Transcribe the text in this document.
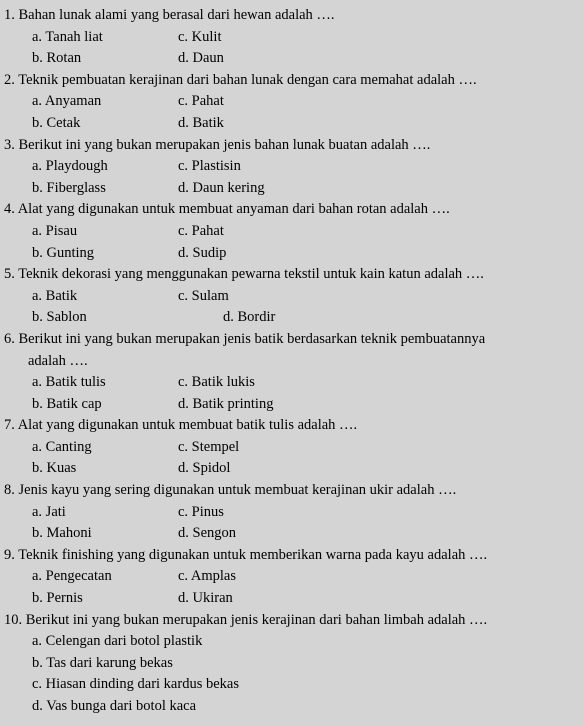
1. Bahan lunak alami yang berasal dari hewan adalah ….
a. Tanah liat	c. Kulit
b. Rotan	d. Daun
2. Teknik pembuatan kerajinan dari bahan lunak dengan cara memahat adalah ….
a. Anyaman	c. Pahat
b. Cetak	d. Batik
3. Berikut ini yang bukan merupakan jenis bahan lunak buatan adalah ….
a. Playdough	c. Plastisin
b. Fiberglass	d. Daun kering
4. Alat yang digunakan untuk membuat anyaman dari bahan rotan adalah ….
a. Pisau	c. Pahat
b. Gunting	d. Sudip
5. Teknik dekorasi yang menggunakan pewarna tekstil untuk kain katun adalah ….
a. Batik	c. Sulam
b. Sablon	d. Bordir
6. Berikut ini yang bukan merupakan jenis batik berdasarkan teknik pembuatannya
adalah ….
a. Batik tulis	c. Batik lukis
b. Batik cap	d. Batik printing
7. Alat yang digunakan untuk membuat batik tulis adalah ….
a. Canting	c. Stempel
b. Kuas	d. Spidol
8. Jenis kayu yang sering digunakan untuk membuat kerajinan ukir adalah ….
a. Jati	c. Pinus
b. Mahoni	d. Sengon
9. Teknik finishing yang digunakan untuk memberikan warna pada kayu adalah ….
a. Pengecatan	c. Amplas
b. Pernis	d. Ukiran
10. Berikut ini yang bukan merupakan jenis kerajinan dari bahan limbah adalah ….
a. Celengan dari botol plastik
b. Tas dari karung bekas
c. Hiasan dinding dari kardus bekas
d. Vas bunga dari botol kaca
